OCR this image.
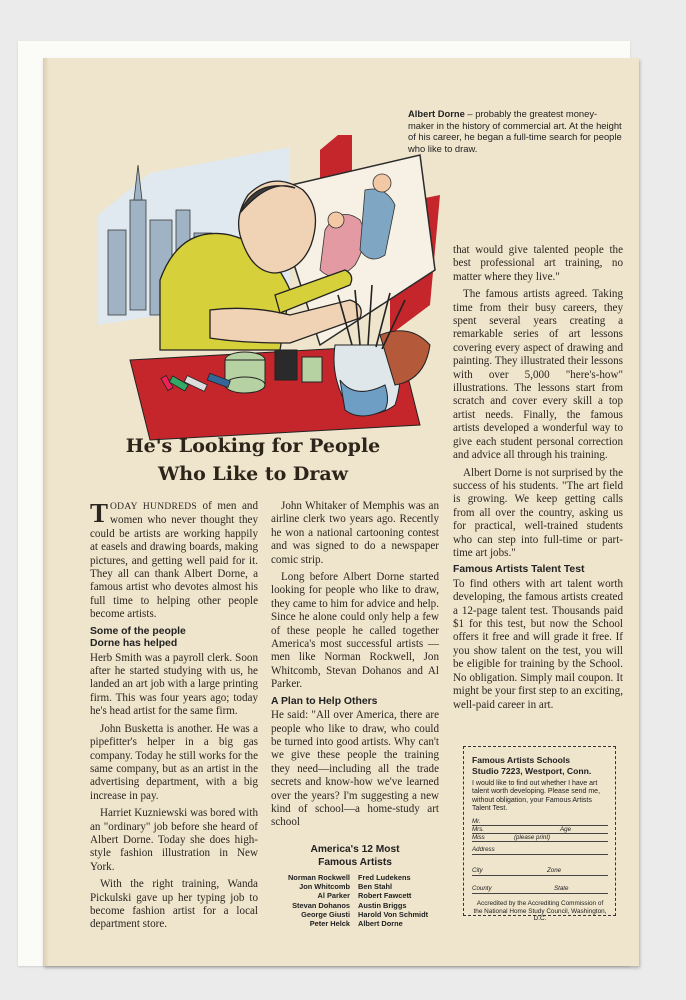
Albert Dorne – probably the greatest money-maker in the history of commercial art. At the height of his career, he began a full-time search for people who like to draw.
He's Looking for People
Who Like to Draw

TODAY HUNDREDS of men and women who never thought they could be artists are working happily at easels and drawing boards, making pictures, and getting well paid for it. They all can thank Albert Dorne, a famous artist who devotes almost his full time to helping other people become artists.

Some of the people
Dorne has helped

Herb Smith was a payroll clerk. Soon after he started studying with us, he landed an art job with a large printing firm. This was four years ago; today he's head artist for the same firm.

John Busketta is another. He was a pipefitter's helper in a big gas company. Today he still works for the same company, but as an artist in the advertising department, with a big increase in pay.

Harriet Kuzniewski was bored with an "ordinary" job before she heard of Albert Dorne. Today she does high-style fashion illustration in New York.

With the right training, Wanda Pickulski gave up her typing job to become fashion artist for a local department store.

John Whitaker of Memphis was an airline clerk two years ago. Recently he won a national cartooning contest and was signed to do a newspaper comic strip.

Long before Albert Dorne started looking for people who like to draw, they came to him for advice and help. Since he alone could only help a few of these people he called together America's most successful artists —men like Norman Rockwell, Jon Whitcomb, Stevan Dohanos and Al Parker.

A Plan to Help Others

He said: "All over America, there are people who like to draw, who could be turned into good artists. Why can't we give these people the training they need—including all the trade secrets and know-how we've learned over the years? I'm suggesting a new kind of school—a home-study art school

America's 12 Most
Famous Artists
Norman Rockwell	Fred Ludekens
Jon Whitcomb	Ben Stahl
Al Parker	Robert Fawcett
Stevan Dohanos	Austin Briggs
George Giusti	Harold Von Schmidt
Peter Helck	Albert Dorne

that would give talented people the best professional art training, no matter where they live."

The famous artists agreed. Taking time from their busy careers, they spent several years creating a remarkable series of art lessons covering every aspect of drawing and painting. They illustrated their lessons with over 5,000 "here's-how" illustrations. The lessons start from scratch and cover every skill a top artist needs. Finally, the famous artists developed a wonderful way to give each student personal correction and advice all through his training.

Albert Dorne is not surprised by the success of his students. "The art field is growing. We keep getting calls from all over the country, asking us for practical, well-trained students who can step into full-time or part-time art jobs."

Famous Artists Talent Test

To find others with art talent worth developing, the famous artists created a 12-page talent test. Thousands paid $1 for this test, but now the School offers it free and will grade it free. If you show talent on the test, you will be eligible for training by the School. No obligation. Simply mail coupon. It might be your first step to an exciting, well-paid career in art.

Famous Artists Schools
Studio 7223, Westport, Conn.
I would like to find out whether I have art talent worth developing. Please send me, without obligation, your Famous Artists Talent Test.
Mr.
Mrs.	Age
Miss	(please print)
Address
City	Zone
County	State
Accredited by the Accrediting Commission of the National Home Study Council, Washington, D.C.
